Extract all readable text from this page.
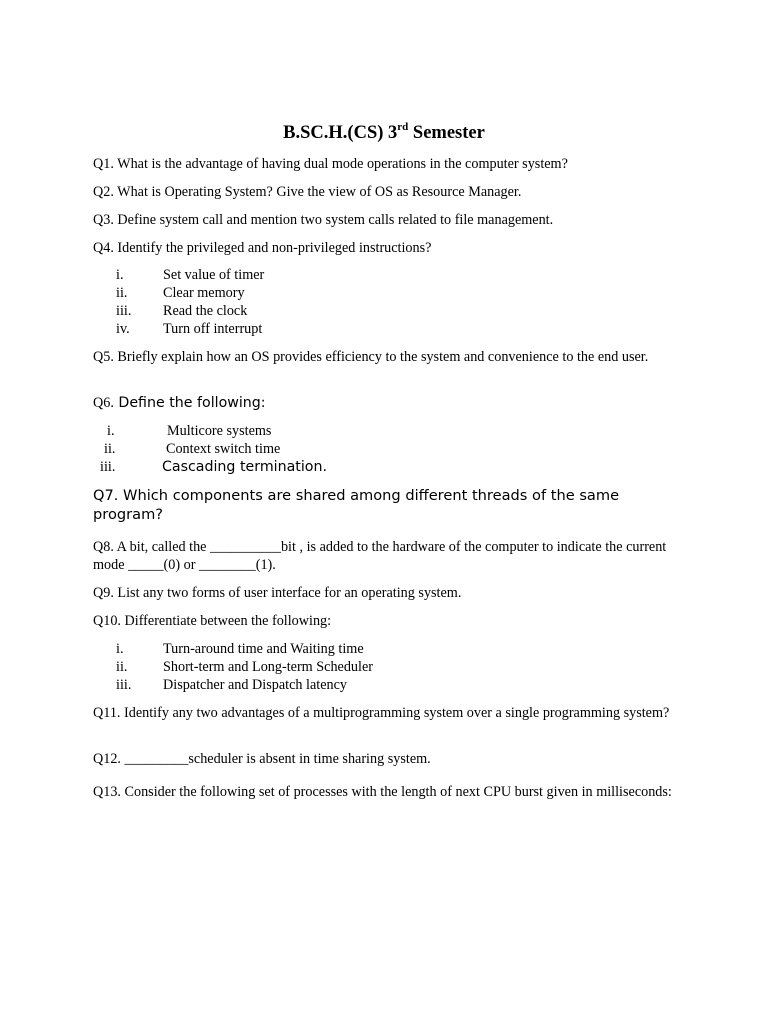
B.SC.H.(CS) 3rd Semester
Q1. What is the advantage of having dual mode operations in the computer system?
Q2. What is Operating System? Give the view of OS as Resource Manager.
Q3. Define system call and mention two system calls related to file management.
Q4. Identify the privileged and non-privileged instructions?
i.	Set value of timer
ii.	Clear memory
iii. Read the clock
iv. Turn off interrupt
Q5. Briefly explain how an OS provides efficiency to the system and convenience to the end user.
Q6. Define the following:
i.	Multicore systems
ii.	Context switch time
iii.	Cascading termination.
Q7. Which components are shared among different threads of the same program?
Q8. A bit, called the __________bit , is added to the hardware of the computer to indicate the current mode _____(0) or ________(1).
Q9. List any two forms of user interface for an operating system.
Q10. Differentiate between the following:
i.	Turn-around time and Waiting time
ii.	Short-term and Long-term Scheduler
iii. Dispatcher and Dispatch latency
Q11. Identify any two advantages of a multiprogramming system over a single programming system?
Q12. _________scheduler is absent in time sharing system.
Q13. Consider the following set of processes with the length of next CPU burst given in milliseconds:
